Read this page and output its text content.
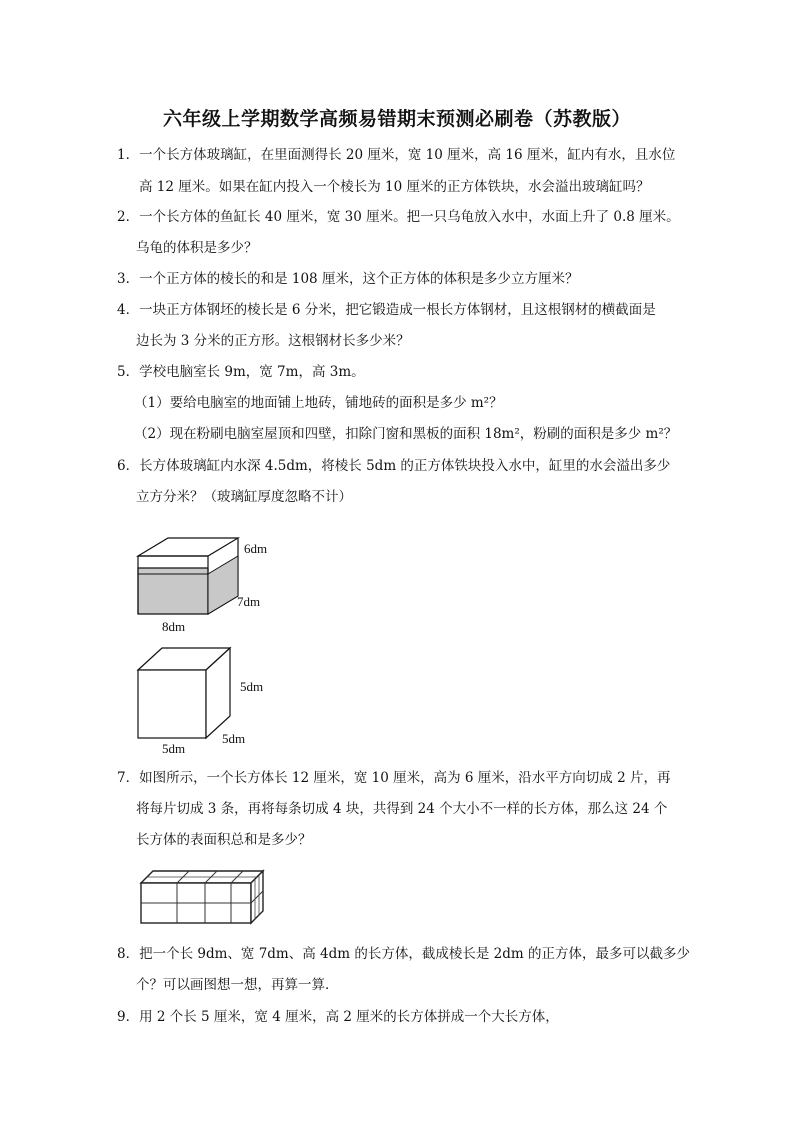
六年级上学期数学高频易错期末预测必刷卷（苏教版）
1．一个长方体玻璃缸，在里面测得长 20 厘米，宽 10 厘米，高 16 厘米，缸内有水，且水位
高 12 厘米。如果在缸内投入一个棱长为 10 厘米的正方体铁块，水会溢出玻璃缸吗？
2．一个长方体的鱼缸长 40 厘米，宽 30 厘米。把一只乌龟放入水中，水面上升了 0.8 厘米。
乌龟的体积是多少？
3．一个正方体的棱长的和是 108 厘米，这个正方体的体积是多少立方厘米？
4．一块正方体钢坯的棱长是 6 分米，把它锻造成一根长方体钢材，且这根钢材的横截面是
边长为 3 分米的正方形。这根钢材长多少米？
5．学校电脑室长 9m，宽 7m，高 3m。
（1）要给电脑室的地面铺上地砖，铺地砖的面积是多少 m²？
（2）现在粉刷电脑室屋顶和四壁，扣除门窗和黑板的面积 18m²，粉刷的面积是多少 m²？
6．长方体玻璃缸内水深 4.5dm，将棱长 5dm 的正方体铁块投入水中，缸里的水会溢出多少
立方分米？（玻璃缸厚度忽略不计）
6dm
7dm
8dm
5dm
5dm
5dm
7．如图所示，一个长方体长 12 厘米，宽 10 厘米，高为 6 厘米，沿水平方向切成 2 片，再
将每片切成 3 条，再将每条切成 4 块，共得到 24 个大小不一样的长方体，那么这 24 个
长方体的表面积总和是多少？
8．把一个长 9dm、宽 7dm、高 4dm 的长方体，截成棱长是 2dm 的正方体，最多可以截多少
个？可以画图想一想，再算一算．
9．用 2 个长 5 厘米，宽 4 厘米，高 2 厘米的长方体拼成一个大长方体，
